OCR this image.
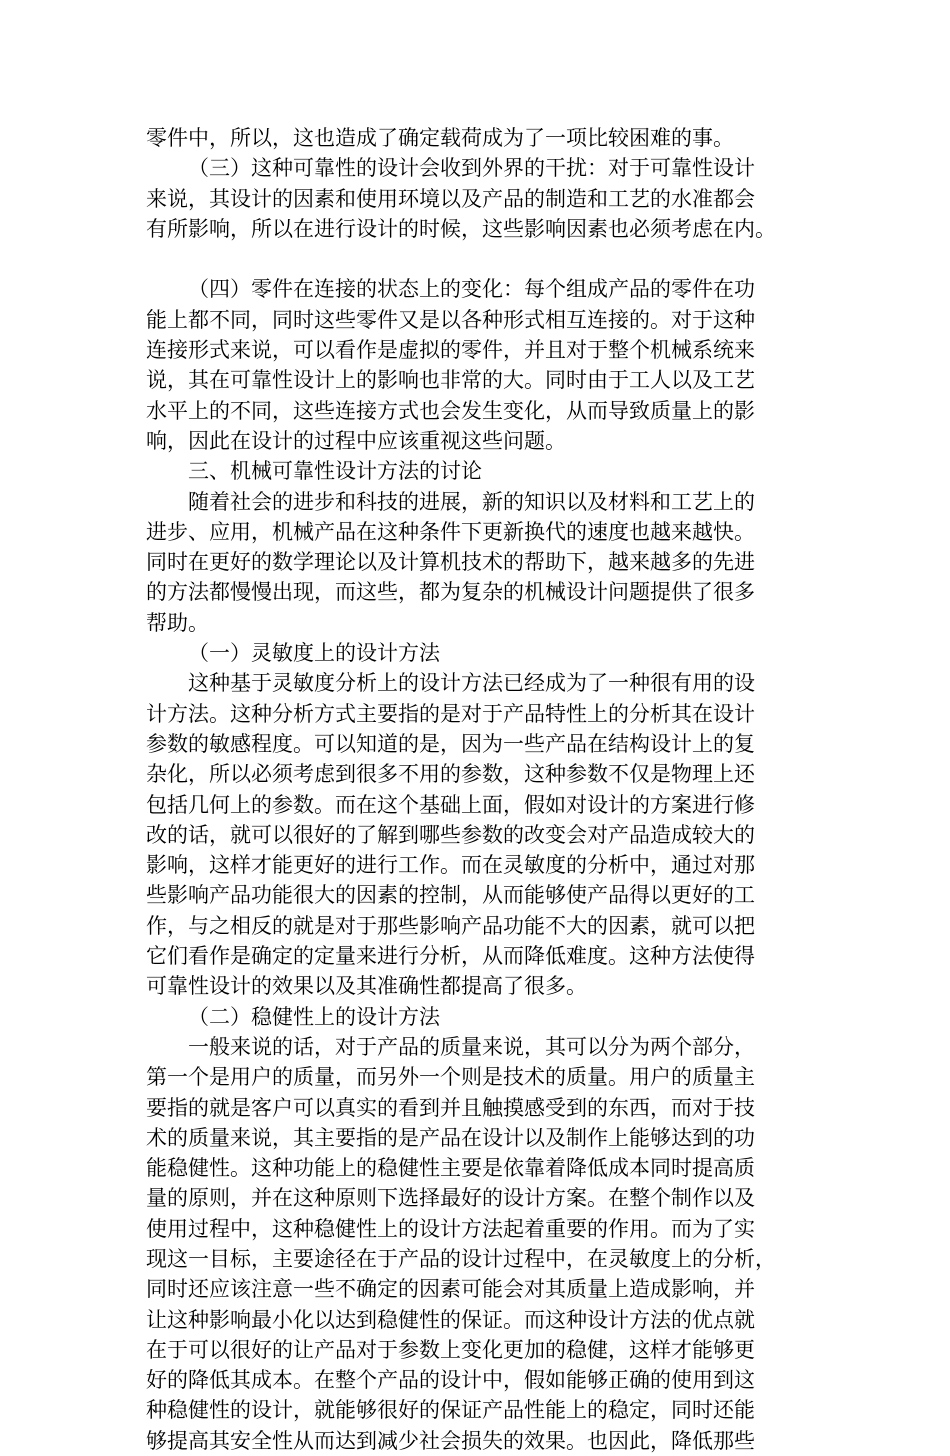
零件中，所以，这也造成了确定载荷成为了一项比较困难的事。
（三）这种可靠性的设计会收到外界的干扰：对于可靠性设计
来说，其设计的因素和使用环境以及产品的制造和工艺的水准都会
有所影响，所以在进行设计的时候，这些影响因素也必须考虑在内。
（四）零件在连接的状态上的变化：每个组成产品的零件在功
能上都不同，同时这些零件又是以各种形式相互连接的。对于这种
连接形式来说，可以看作是虚拟的零件，并且对于整个机械系统来
说，其在可靠性设计上的影响也非常的大。同时由于工人以及工艺
水平上的不同，这些连接方式也会发生变化，从而导致质量上的影
响，因此在设计的过程中应该重视这些问题。
三、机械可靠性设计方法的讨论
随着社会的进步和科技的进展，新的知识以及材料和工艺上的
进步、应用，机械产品在这种条件下更新换代的速度也越来越快。
同时在更好的数学理论以及计算机技术的帮助下，越来越多的先进
的方法都慢慢出现，而这些，都为复杂的机械设计问题提供了很多
帮助。
（一）灵敏度上的设计方法
这种基于灵敏度分析上的设计方法已经成为了一种很有用的设
计方法。这种分析方式主要指的是对于产品特性上的分析其在设计
参数的敏感程度。可以知道的是，因为一些产品在结构设计上的复
杂化，所以必须考虑到很多不用的参数，这种参数不仅是物理上还
包括几何上的参数。而在这个基础上面，假如对设计的方案进行修
改的话，就可以很好的了解到哪些参数的改变会对产品造成较大的
影响，这样才能更好的进行工作。而在灵敏度的分析中，通过对那
些影响产品功能很大的因素的控制，从而能够使产品得以更好的工
作，与之相反的就是对于那些影响产品功能不大的因素，就可以把
它们看作是确定的定量来进行分析，从而降低难度。这种方法使得
可靠性设计的效果以及其准确性都提高了很多。
（二）稳健性上的设计方法
一般来说的话，对于产品的质量来说，其可以分为两个部分，
第一个是用户的质量，而另外一个则是技术的质量。用户的质量主
要指的就是客户可以真实的看到并且触摸感受到的东西，而对于技
术的质量来说，其主要指的是产品在设计以及制作上能够达到的功
能稳健性。这种功能上的稳健性主要是依靠着降低成本同时提高质
量的原则，并在这种原则下选择最好的设计方案。在整个制作以及
使用过程中，这种稳健性上的设计方法起着重要的作用。而为了实
现这一目标，主要途径在于产品的设计过程中，在灵敏度上的分析，
同时还应该注意一些不确定的因素可能会对其质量上造成影响，并
让这种影响最小化以达到稳健性的保证。而这种设计方法的优点就
在于可以很好的让产品对于参数上变化更加的稳健，这样才能够更
好的降低其成本。在整个产品的设计中，假如能够正确的使用到这
种稳健性的设计，就能够很好的保证产品性能上的稳定，同时还能
够提高其安全性从而达到减少社会损失的效果。也因此，降低那些
